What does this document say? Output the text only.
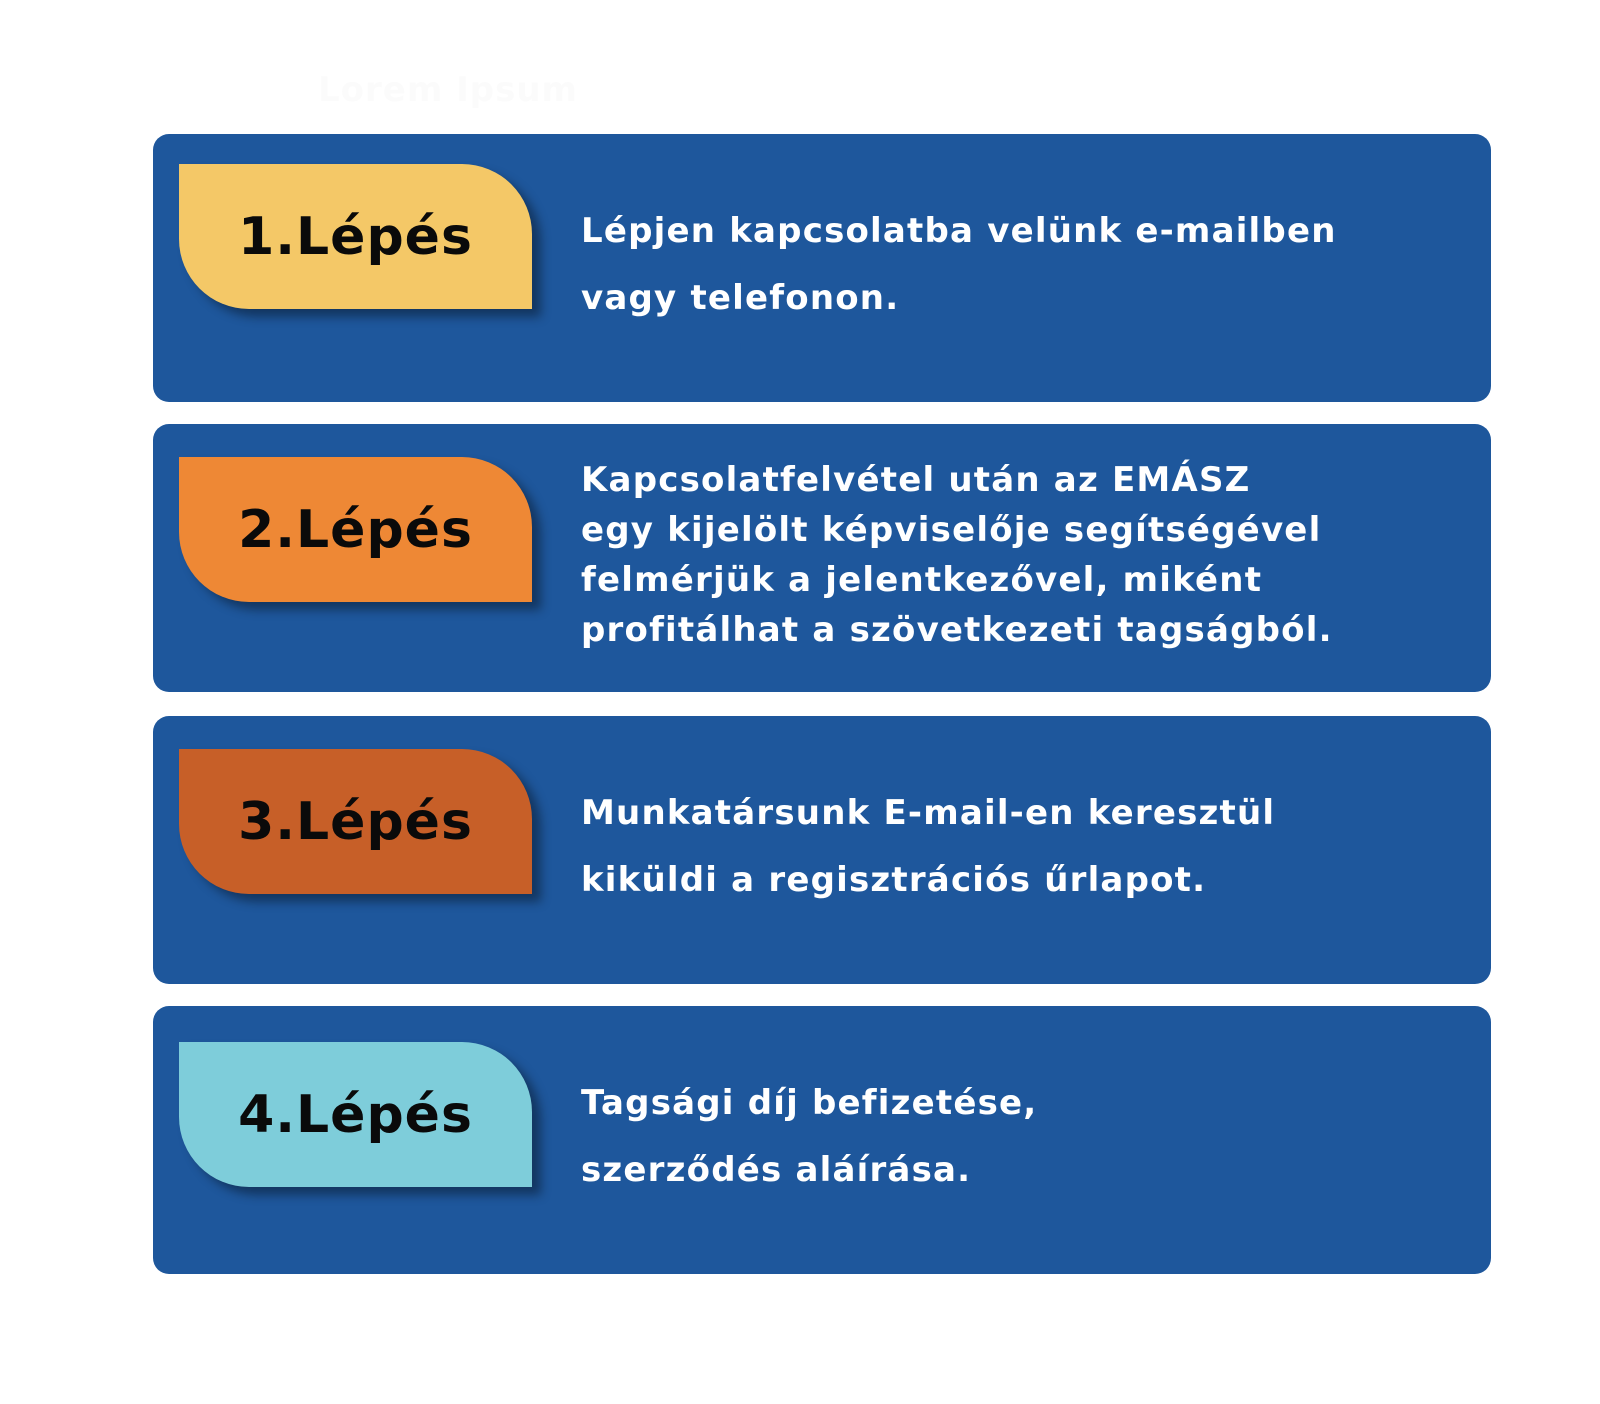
Lorem Ipsum
1.Lépés	Lépjen kapcsolatba velünk e-mailben
vagy telefonon.

2.Lépés

Kapcsolatfelvétel után az EMÁSZ
egy kijelölt képviselője segítségével
felmérjük a jelentkezővel, miként
profitálhat a szövetkezeti tagságból.

3.Lépés	Munkatársunk E-mail-en keresztül
kiküldi a regisztrációs űrlapot.

4.Lépés	Tagsági díj befizetése,
szerződés aláírása.
